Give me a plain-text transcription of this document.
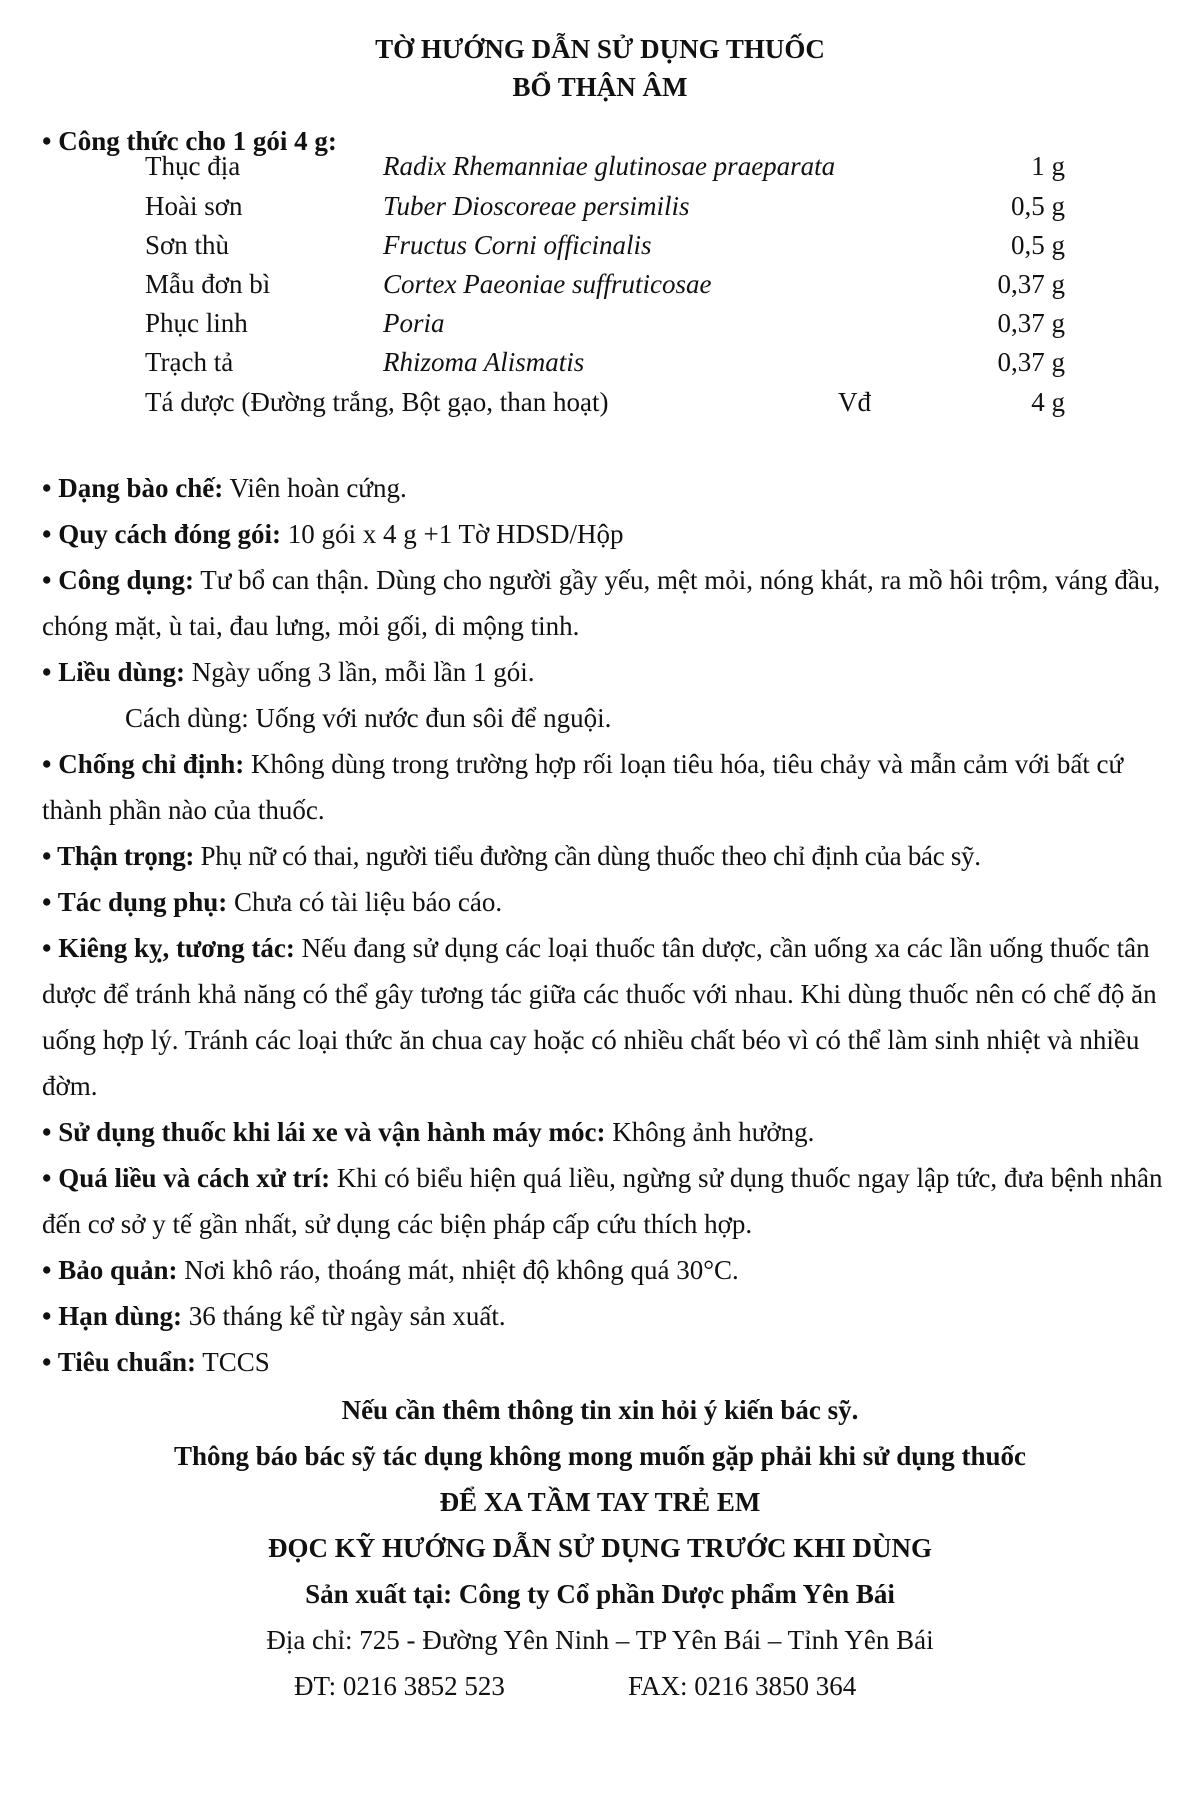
TỜ HƯỚNG DẪN SỬ DỤNG THUỐC
BỔ THẬN ÂM
• Công thức cho 1 gói 4 g:
Thục địa	Radix Rhemanniae glutinosae praeparata	1 g
Hoài sơn	Tuber Dioscoreae persimilis	0,5 g
Sơn thù	Fructus Corni officinalis	0,5 g
Mẫu đơn bì	Cortex Paeoniae suffruticosae	0,37 g
Phục linh	Poria	0,37 g
Trạch tả	Rhizoma Alismatis	0,37 g
Tá dược (Đường trắng, Bột gạo, than hoạt)	Vđ	4 g
• Dạng bào chế: Viên hoàn cứng.
• Quy cách đóng gói: 10 gói x 4 g +1 Tờ HDSD/Hộp
• Công dụng: Tư bổ can thận. Dùng cho người gầy yếu, mệt mỏi, nóng khát, ra mồ hôi trộm, váng đầu, chóng mặt, ù tai, đau lưng, mỏi gối, di mộng tinh.
• Liều dùng: Ngày uống 3 lần, mỗi lần 1 gói.
Cách dùng: Uống với nước đun sôi để nguội.
• Chống chỉ định: Không dùng trong trường hợp rối loạn tiêu hóa, tiêu chảy và mẫn cảm với bất cứ thành phần nào của thuốc.
• Thận trọng: Phụ nữ có thai, người tiểu đường cần dùng thuốc theo chỉ định của bác sỹ.
• Tác dụng phụ: Chưa có tài liệu báo cáo.
• Kiêng kỵ, tương tác: Nếu đang sử dụng các loại thuốc tân dược, cần uống xa các lần uống thuốc tân dược để tránh khả năng có thể gây tương tác giữa các thuốc với nhau. Khi dùng thuốc nên có chế độ ăn uống hợp lý. Tránh các loại thức ăn chua cay hoặc có nhiều chất béo vì có thể làm sinh nhiệt và nhiều đờm.
• Sử dụng thuốc khi lái xe và vận hành máy móc: Không ảnh hưởng.
• Quá liều và cách xử trí: Khi có biểu hiện quá liều, ngừng sử dụng thuốc ngay lập tức, đưa bệnh nhân đến cơ sở y tế gần nhất, sử dụng các biện pháp cấp cứu thích hợp.
• Bảo quản: Nơi khô ráo, thoáng mát, nhiệt độ không quá 30°C.
• Hạn dùng: 36 tháng kể từ ngày sản xuất.
• Tiêu chuẩn: TCCS
Nếu cần thêm thông tin xin hỏi ý kiến bác sỹ.
Thông báo bác sỹ tác dụng không mong muốn gặp phải khi sử dụng thuốc
ĐỂ XA TẦM TAY TRẺ EM
ĐỌC KỸ HƯỚNG DẪN SỬ DỤNG TRƯỚC KHI DÙNG
Sản xuất tại: Công ty Cổ phần Dược phẩm Yên Bái
Địa chỉ: 725 - Đường Yên Ninh – TP Yên Bái – Tỉnh Yên Bái
ĐT: 0216 3852 523	FAX: 0216 3850 364
